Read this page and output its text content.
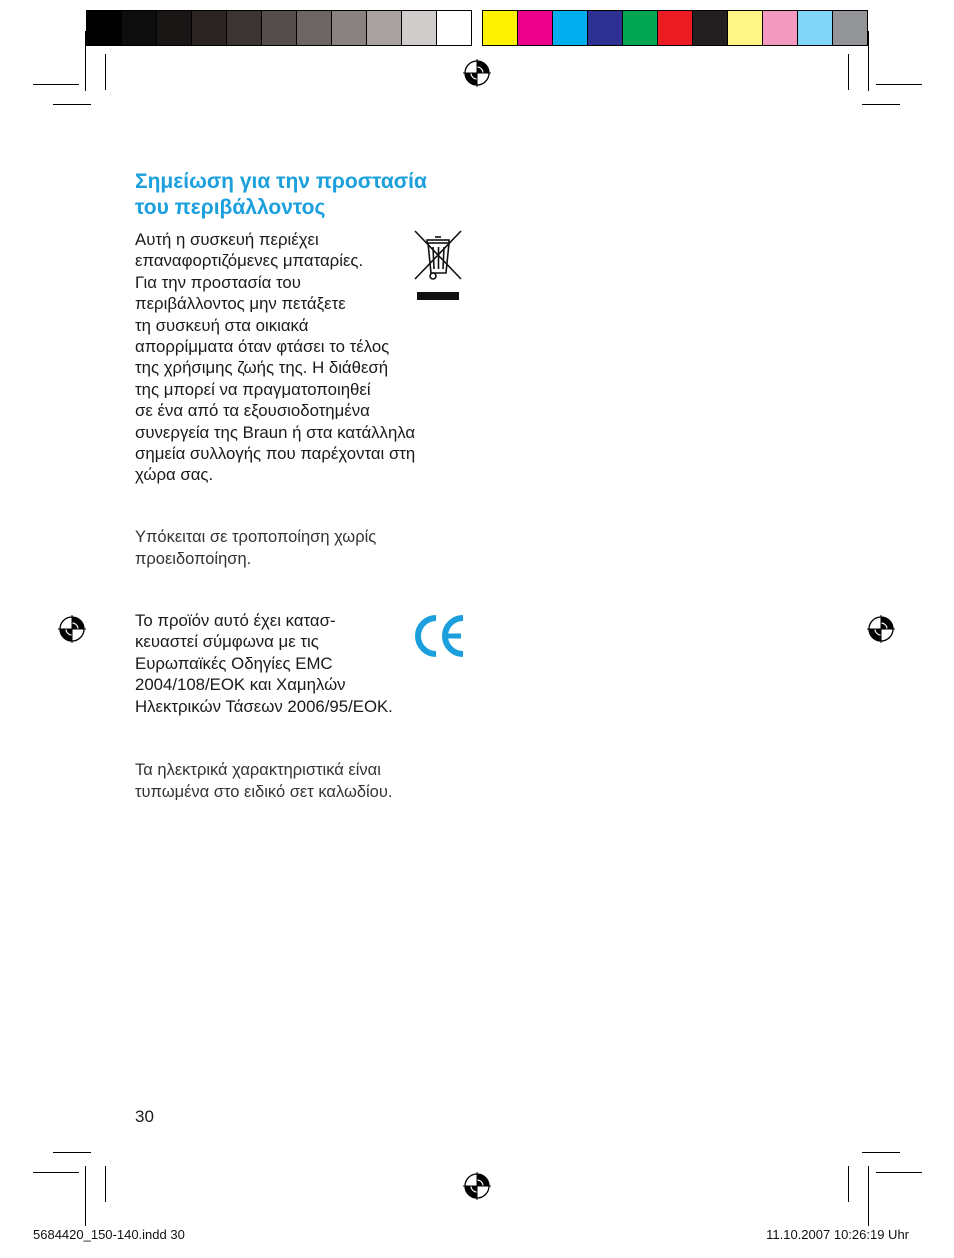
Σημείωση για την προστασία
του περιβάλλοντος
Αυτή η συσκευή περιέχει
επαναφορτιζόμενες μπαταρίες.
Για την προστασία του
περιβάλλοντος μην πετάξετε
τη συσκευή στα οικιακά
απορρίμματα όταν φτάσει το τέλος
της χρήσιμης ζωής της. Η διάθεσή
της μπορεί να πραγματοποιηθεί
σε ένα από τα εξουσιοδοτημένα
συνεργεία της Braun ή στα κατάλληλα
σημεία συλλογής που παρέχονται στη
χώρα σας.
Υπόκειται σε τροποποίηση χωρίς
προειδοποίηση.
Το προϊόν αυτό έχει κατασ-
κευαστεί σύμφωνα με τις
Ευρωπαϊκές Οδηγίες EMC
2004/108/ΕΟΚ και Χαμηλών
Ηλεκτρικών Τάσεων 2006/95/ΕΟΚ.
Τα ηλεκτρικά χαρακτηριστικά είναι
τυπωμένα στο ειδικό σετ καλωδίου.
30
5684420_150-140.indd 30	11.10.2007 10:26:19 Uhr
